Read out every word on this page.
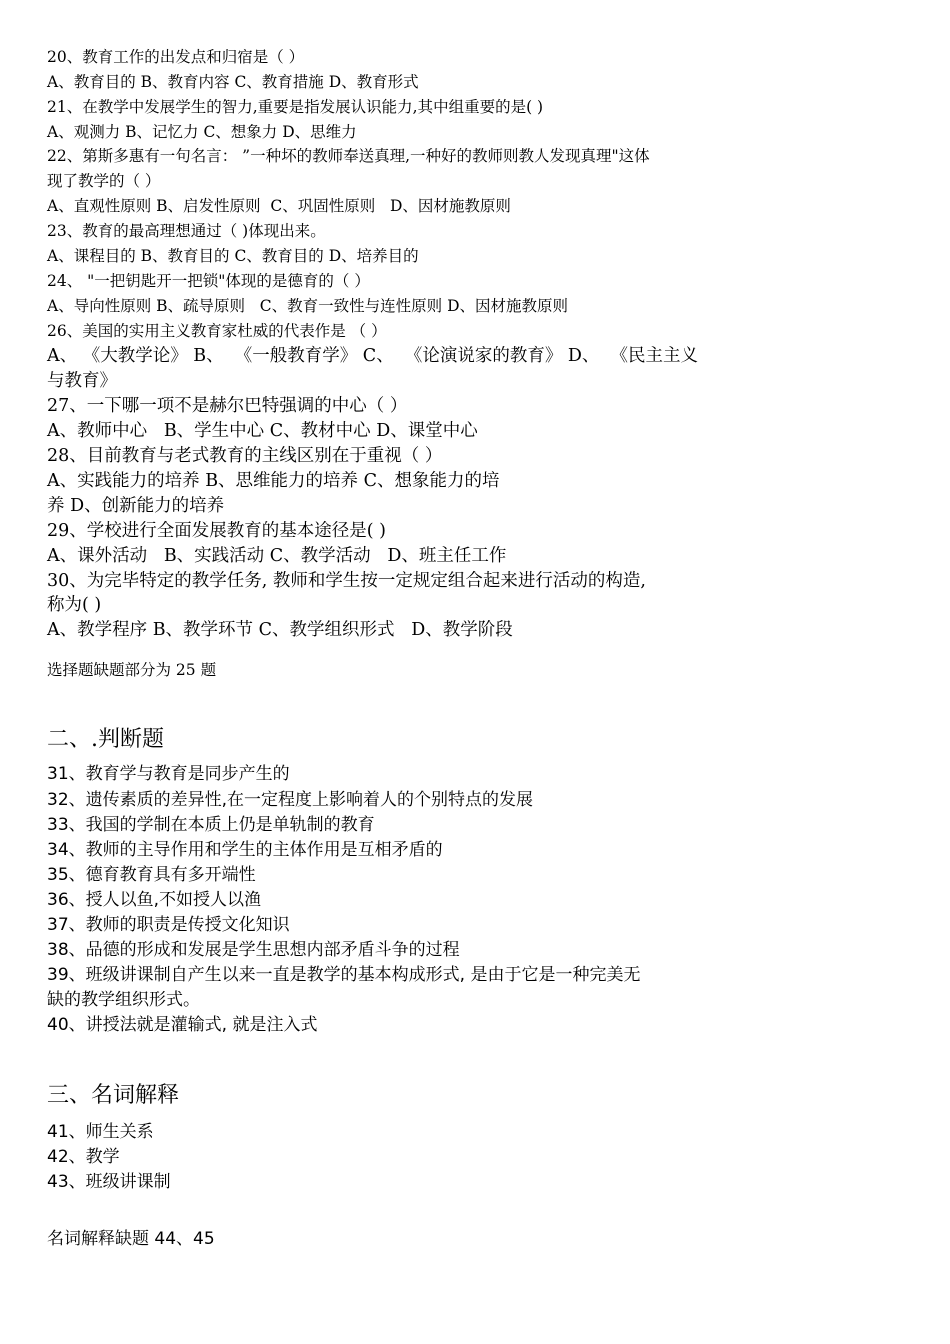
20、教育工作的出发点和归宿是（ ）
A、教育目的 B、教育内容 C、教育措施 D、教育形式
21、在教学中发展学生的智力,重要是指发展认识能力,其中组重要的是( )
A、观测力 B、记忆力 C、想象力 D、思维力
22、第斯多惠有一句名言： ”一种坏的教师奉送真理,一种好的教师则教人发现真理"这体
现了教学的（ ）
A、直观性原则 B、启发性原则  C、巩固性原则   D、因材施教原则
23、教育的最高理想通过（ )体现出来。
A、课程目的 B、教育目的 C、教育目的 D、培养目的
24、 "一把钥匙开一把锁"体现的是德育的（ ）
A、导向性原则 B、疏导原则   C、教育一致性与连性原则 D、因材施教原则
26、美国的实用主义教育家杜威的代表作是 （ ）
A、 《大教学论》 B、  《一般教育学》 C、  《论演说家的教育》 D、  《民主主义
与教育》
27、一下哪一项不是赫尔巴特强调的中心（ ）
A、教师中心   B、学生中心 C、教材中心 D、课堂中心
28、目前教育与老式教育的主线区别在于重视（ ）
A、实践能力的培养 B、思维能力的培养 C、想象能力的培
养 D、创新能力的培养
29、学校进行全面发展教育的基本途径是( )
A、课外活动   B、实践活动 C、教学活动   D、班主任工作
30、为完毕特定的教学任务, 教师和学生按一定规定组合起来进行活动的构造,
称为( )
A、教学程序 B、教学环节 C、教学组织形式   D、教学阶段
选择题缺题部分为 25 题
二、.判断题
31、教育学与教育是同步产生的
32、遗传素质的差异性,在一定程度上影响着人的个别特点的发展
33、我国的学制在本质上仍是单轨制的教育
34、教师的主导作用和学生的主体作用是互相矛盾的
35、德育教育具有多开端性
36、授人以鱼,不如授人以渔
37、教师的职责是传授文化知识
38、品德的形成和发展是学生思想内部矛盾斗争的过程
39、班级讲课制自产生以来一直是教学的基本构成形式, 是由于它是一种完美无
缺的教学组织形式。
40、讲授法就是灌输式, 就是注入式
三、名词解释
41、师生关系
42、教学
43、班级讲课制
名词解释缺题 44、45
